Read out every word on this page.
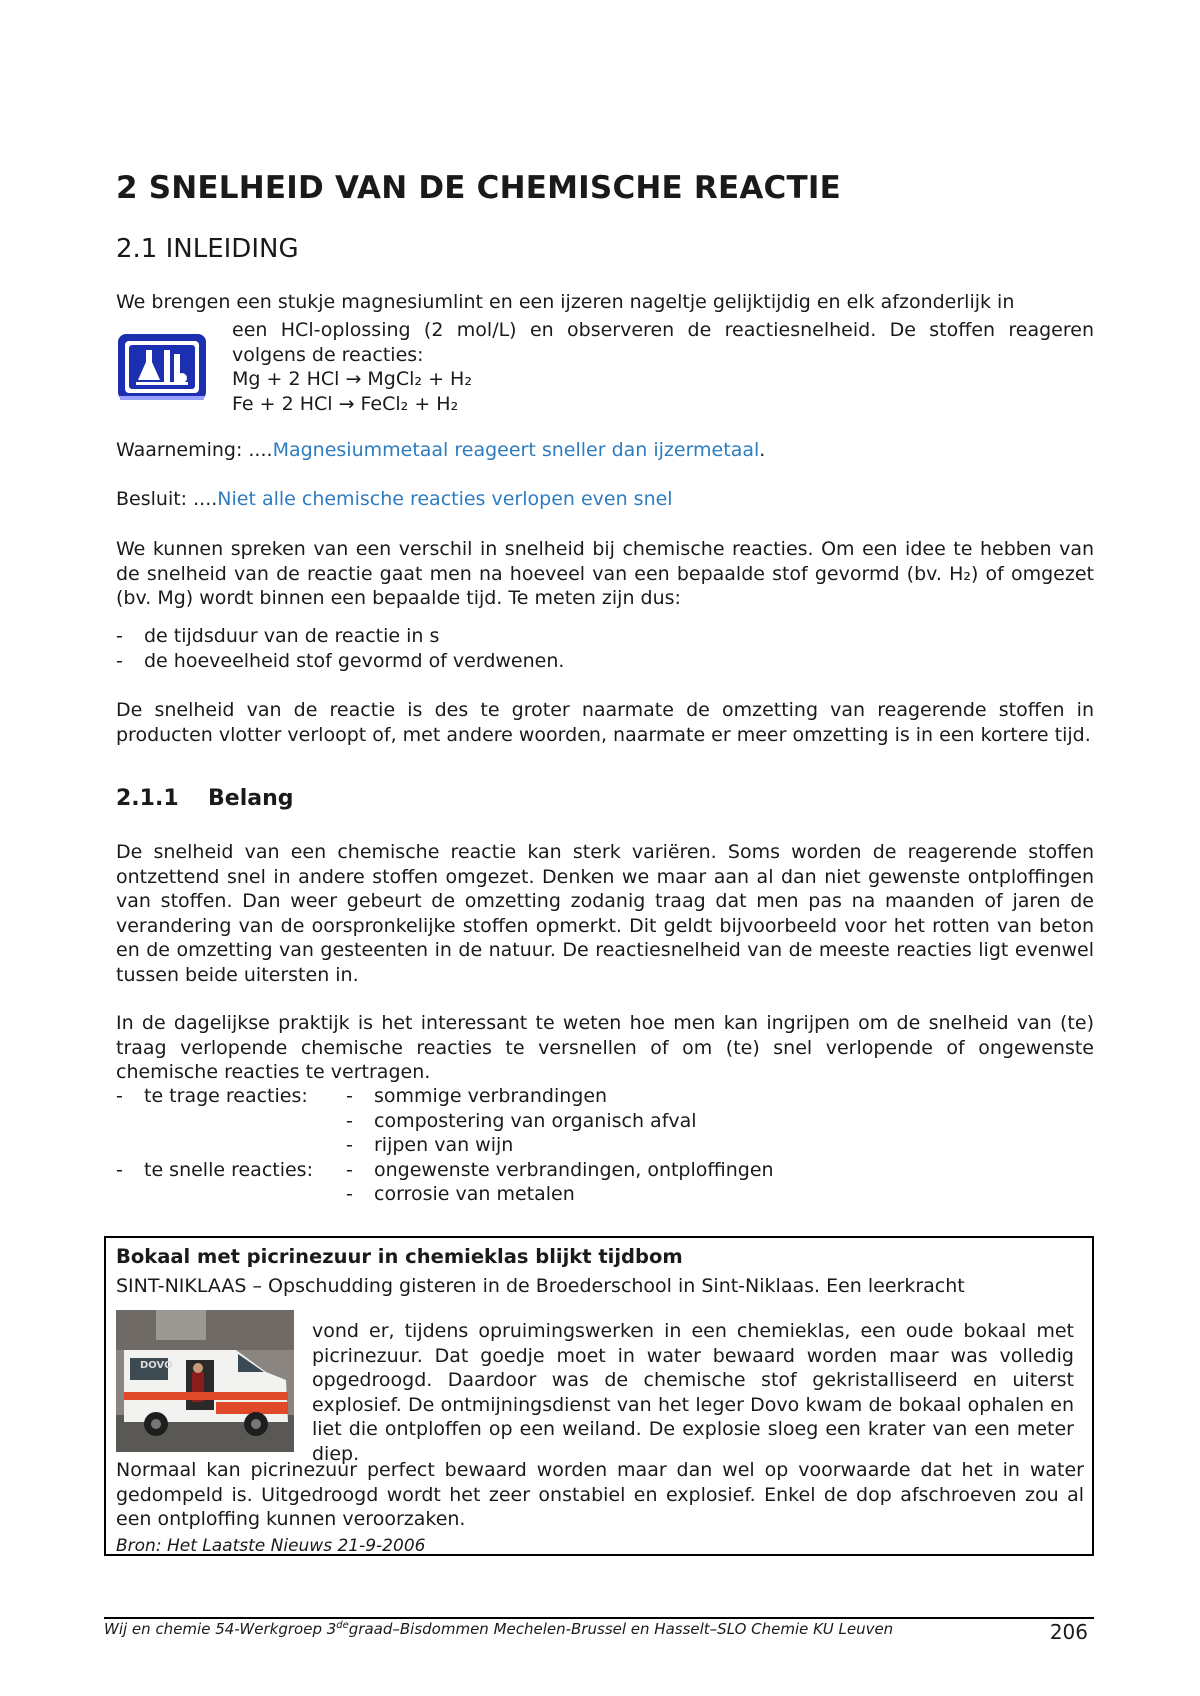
2 SNELHEID VAN DE CHEMISCHE REACTIE
2.1 INLEIDING

We brengen een stukje magnesiumlint en een ijzeren nageltje gelijktijdig en elk afzonderlijk in

een HCl-oplossing (2 mol/L) en observeren de reactiesnelheid. De stoffen reageren volgens de reacties:

Mg + 2 HCl → MgCl₂ + H₂

Fe + 2 HCl → FeCl₂ + H₂

Waarneming: ....Magnesiummetaal reageert sneller dan ijzermetaal.

Besluit: ....Niet alle chemische reacties verlopen even snel

We kunnen spreken van een verschil in snelheid bij chemische reacties. Om een idee te hebben van de snelheid van de reactie gaat men na hoeveel van een bepaalde stof gevormd (bv. H₂) of omgezet (bv. Mg) wordt binnen een bepaalde tijd. Te meten zijn dus:

- de tijdsduur van de reactie in s
- de hoeveelheid stof gevormd of verdwenen.

De snelheid van de reactie is des te groter naarmate de omzetting van reagerende stoffen in producten vlotter verloopt of, met andere woorden, naarmate er meer omzetting is in een kortere tijd.

2.1.1 Belang

De snelheid van een chemische reactie kan sterk variëren. Soms worden de reagerende stoffen ontzettend snel in andere stoffen omgezet. Denken we maar aan al dan niet gewenste ontploffingen van stoffen. Dan weer gebeurt de omzetting zodanig traag dat men pas na maanden of jaren de verandering van de oorspronkelijke stoffen opmerkt. Dit geldt bijvoorbeeld voor het rotten van beton en de omzetting van gesteenten in de natuur. De reactiesnelheid van de meeste reacties ligt evenwel tussen beide uitersten in.

In de dagelijkse praktijk is het interessant te weten hoe men kan ingrijpen om de snelheid van (te) traag verlopende chemische reacties te versnellen of om (te) snel verlopende of ongewenste chemische reacties te vertragen.

- te trage reacties: - sommige verbrandingen
- compostering van organisch afval
- rijpen van wijn
- te snelle reacties: - ongewenste verbrandingen, ontploffingen
- corrosie van metalen

Bokaal met picrinezuur in chemieklas blijkt tijdbom

SINT-NIKLAAS – Opschudding gisteren in de Broederschool in Sint-Niklaas. Een leerkracht

DOVO

vond er, tijdens opruimingswerken in een chemieklas, een oude bokaal met picrinezuur. Dat goedje moet in water bewaard worden maar was volledig opgedroogd. Daardoor was de chemische stof gekristalliseerd en uiterst explosief. De ontmijningsdienst van het leger Dovo kwam de bokaal ophalen en liet die ontploffen op een weiland. De explosie sloeg een krater van een meter diep.

Normaal kan picrinezuur perfect bewaard worden maar dan wel op voorwaarde dat het in water gedompeld is. Uitgedroogd wordt het zeer onstabiel en explosief. Enkel de dop afschroeven zou al een ontploffing kunnen veroorzaken.

Bron: Het Laatste Nieuws 21-9-2006

Wij en chemie 54-Werkgroep 3degraad–Bisdommen Mechelen-Brussel en Hasselt–SLO Chemie KU Leuven	206
